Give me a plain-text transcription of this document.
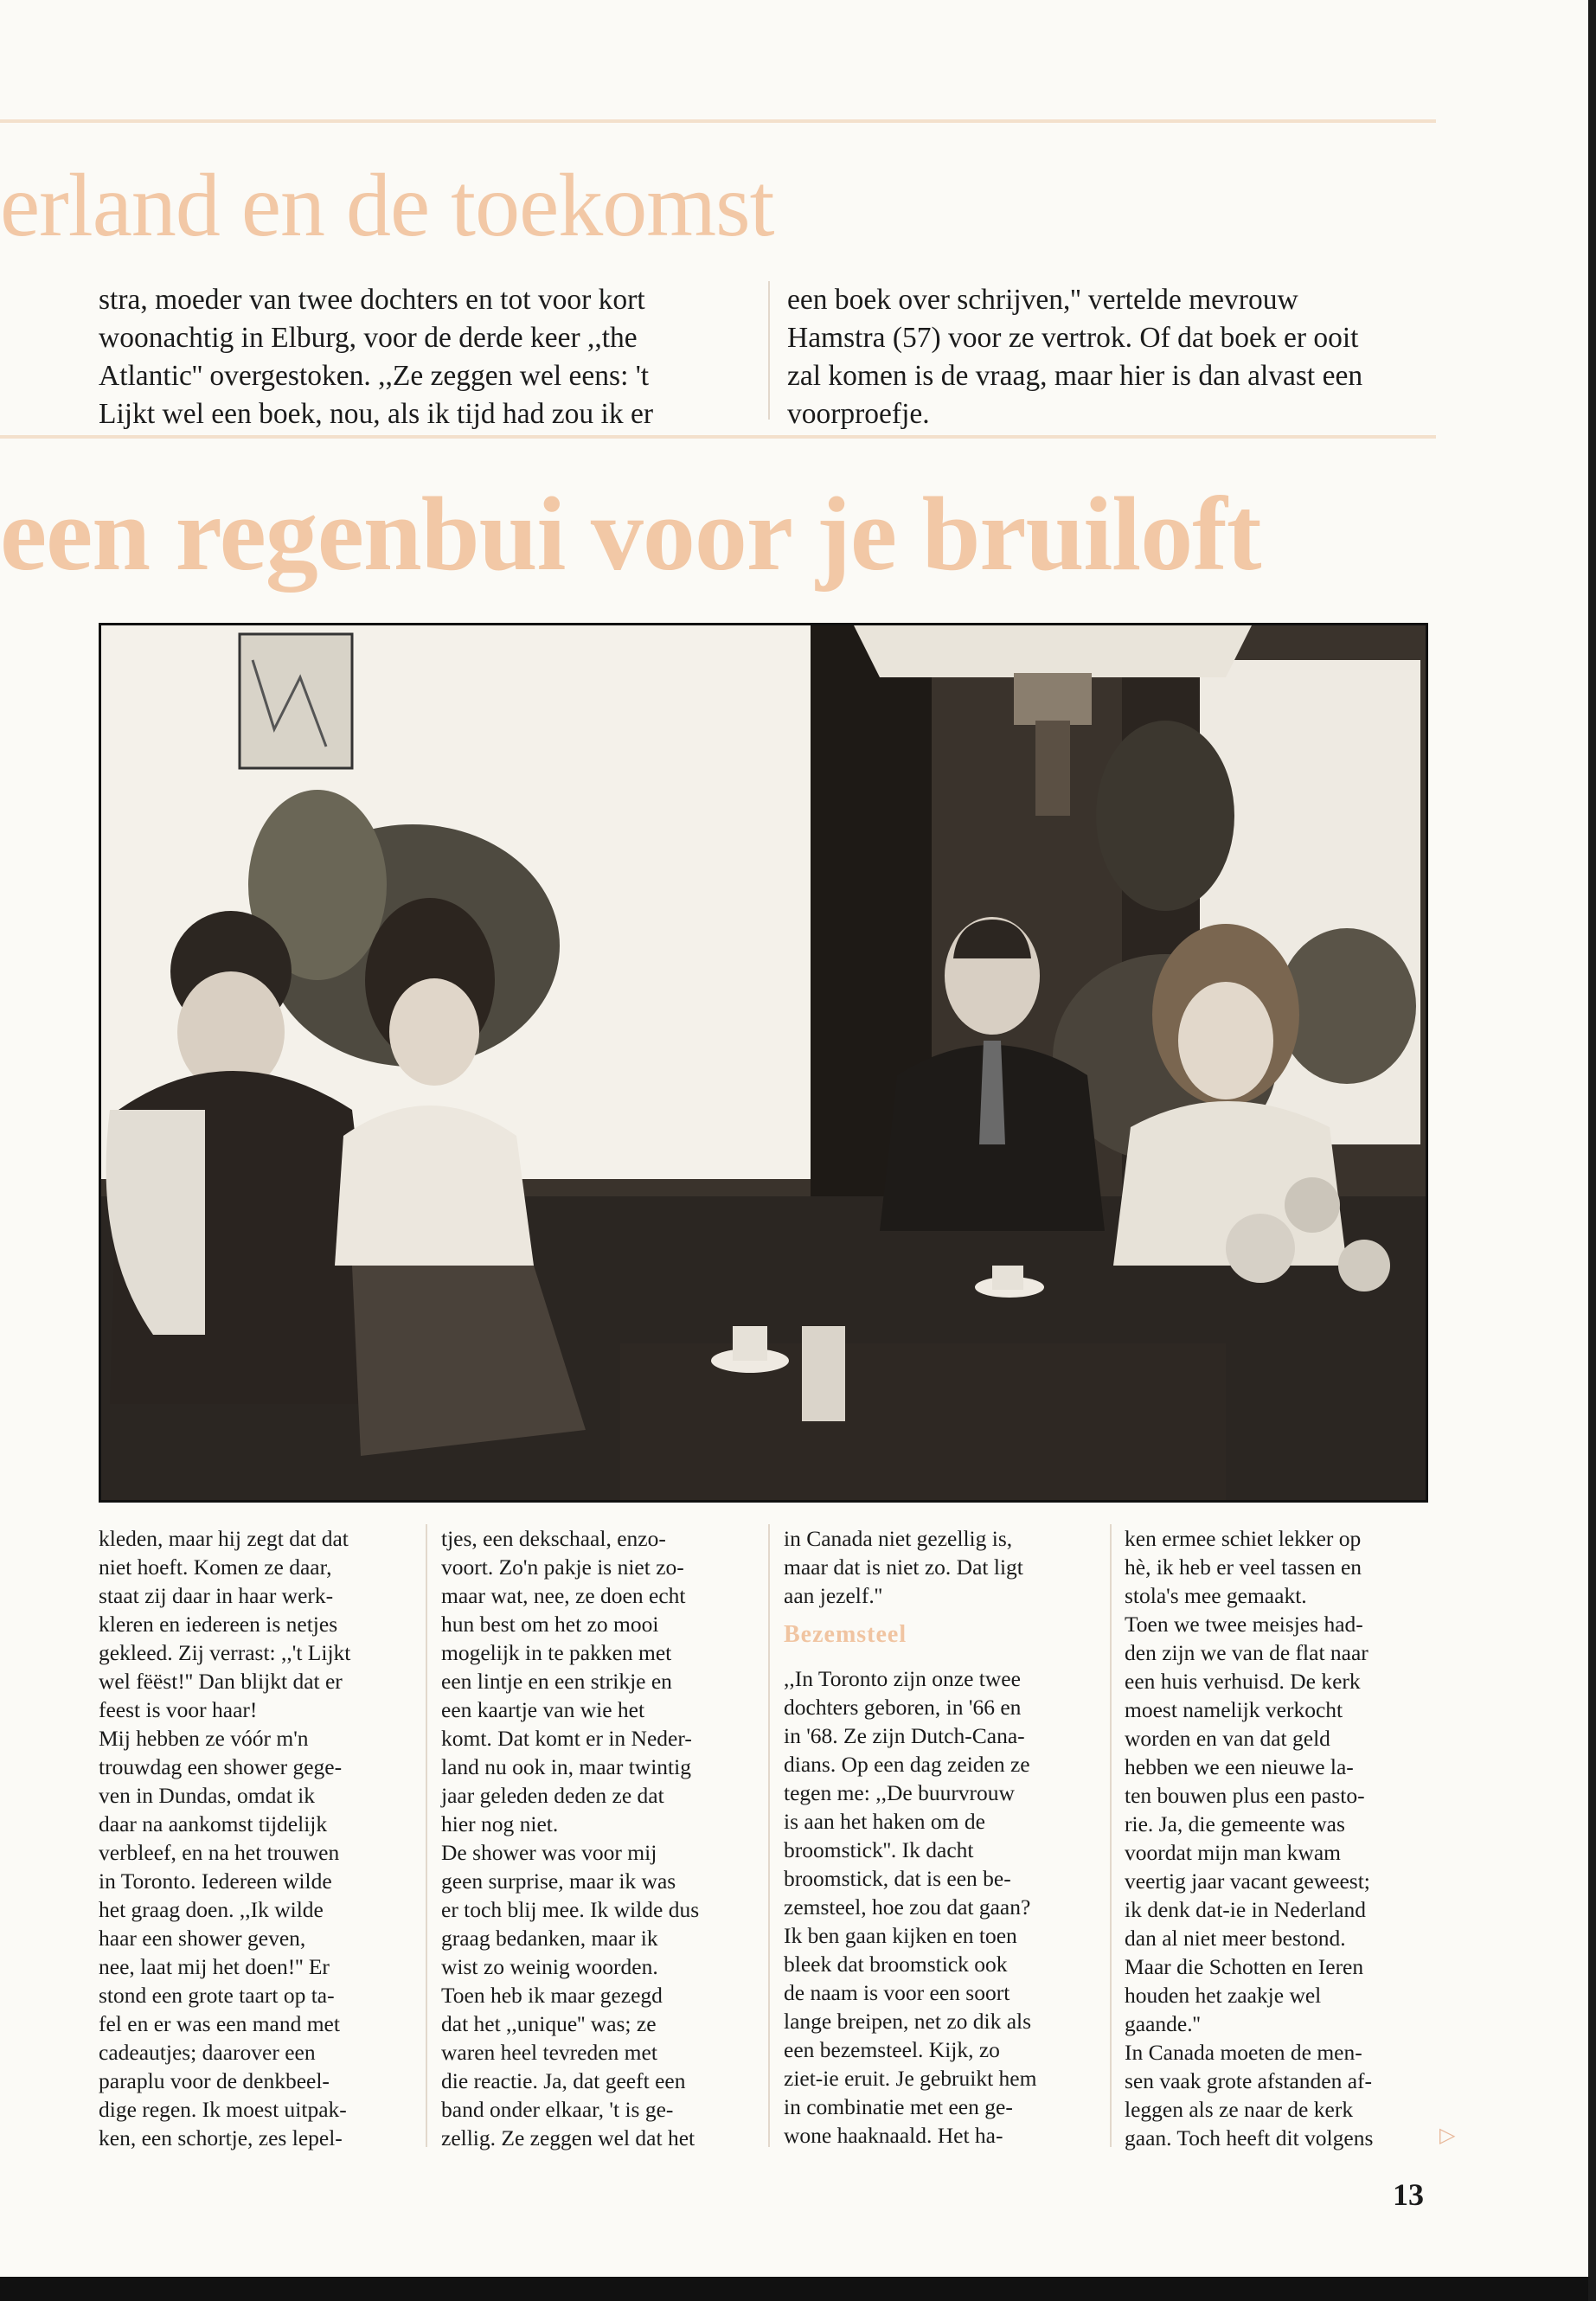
erland en de toekomst
stra, moeder van twee dochters en tot voor kort
woonachtig in Elburg, voor de derde keer ,,the
Atlantic'' overgestoken. ,,Ze zeggen wel eens: 't
Lijkt wel een boek, nou, als ik tijd had zou ik er
een boek over schrijven,'' vertelde mevrouw
Hamstra (57) voor ze vertrok. Of dat boek er ooit
zal komen is de vraag, maar hier is dan alvast een
voorproefje.
een regenbui voor je bruiloft
kleden, maar hij zegt dat dat
niet hoeft. Komen ze daar,
staat zij daar in haar werk-
kleren en iedereen is netjes
gekleed. Zij verrast: ,,'t Lijkt
wel fëëst!'' Dan blijkt dat er
feest is voor haar!
Mij hebben ze vóór m'n
trouwdag een shower gege-
ven in Dundas, omdat ik
daar na aankomst tijdelijk
verbleef, en na het trouwen
in Toronto. Iedereen wilde
het graag doen. ,,Ik wilde
haar een shower geven,
nee, laat mij het doen!'' Er
stond een grote taart op ta-
fel en er was een mand met
cadeautjes; daarover een
paraplu voor de denkbeel-
dige regen. Ik moest uitpak-
ken, een schortje, zes lepel-
tjes, een dekschaal, enzo-
voort. Zo'n pakje is niet zo-
maar wat, nee, ze doen echt
hun best om het zo mooi
mogelijk in te pakken met
een lintje en een strikje en
een kaartje van wie het
komt. Dat komt er in Neder-
land nu ook in, maar twintig
jaar geleden deden ze dat
hier nog niet.
De shower was voor mij
geen surprise, maar ik was
er toch blij mee. Ik wilde dus
graag bedanken, maar ik
wist zo weinig woorden.
Toen heb ik maar gezegd
dat het ,,unique'' was; ze
waren heel tevreden met
die reactie. Ja, dat geeft een
band onder elkaar, 't is ge-
zellig. Ze zeggen wel dat het
in Canada niet gezellig is,
maar dat is niet zo. Dat ligt
aan jezelf.''
Bezemsteel
,,In Toronto zijn onze twee
dochters geboren, in '66 en
in '68. Ze zijn Dutch-Cana-
dians. Op een dag zeiden ze
tegen me: ,,De buurvrouw
is aan het haken om de
broomstick''. Ik dacht
broomstick, dat is een be-
zemsteel, hoe zou dat gaan?
Ik ben gaan kijken en toen
bleek dat broomstick ook
de naam is voor een soort
lange breipen, net zo dik als
een bezemsteel. Kijk, zo
ziet-ie eruit. Je gebruikt hem
in combinatie met een ge-
wone haaknaald. Het ha-
ken ermee schiet lekker op
hè, ik heb er veel tassen en
stola's mee gemaakt.
Toen we twee meisjes had-
den zijn we van de flat naar
een huis verhuisd. De kerk
moest namelijk verkocht
worden en van dat geld
hebben we een nieuwe la-
ten bouwen plus een pasto-
rie. Ja, die gemeente was
voordat mijn man kwam
veertig jaar vacant geweest;
ik denk dat-ie in Nederland
dan al niet meer bestond.
Maar die Schotten en Ieren
houden het zaakje wel
gaande.''
In Canada moeten de men-
sen vaak grote afstanden af-
leggen als ze naar de kerk
gaan. Toch heeft dit volgens	▷
13
